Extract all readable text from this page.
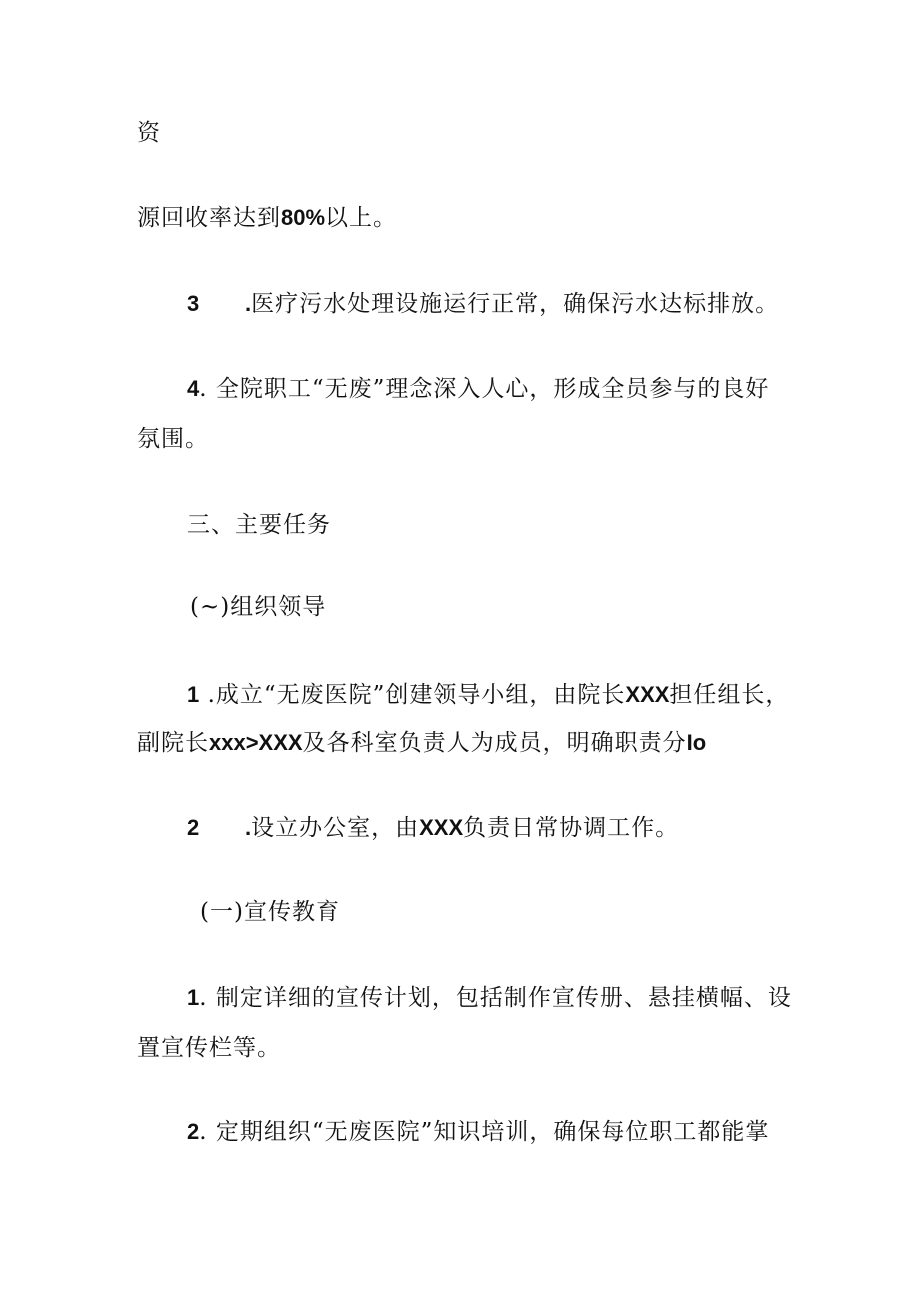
资
源回收率达到80%以上。
3 .医疗污水处理设施运行正常，确保污水达标排放。
4. 全院职工“无废”理念深入人心，形成全员参与的良好
氛围。
三、主要任务
(~)组织领导
1 .成立“无废医院”创建领导小组，由院长XXX担任组长，
副院长xxx>XXX及各科室负责人为成员，明确职责分Io
2 .设立办公室，由XXX负责日常协调工作。
(一)宣传教育
1. 制定详细的宣传计划，包括制作宣传册、悬挂横幅、设
置宣传栏等。
2. 定期组织“无废医院”知识培训，确保每位职工都能掌
